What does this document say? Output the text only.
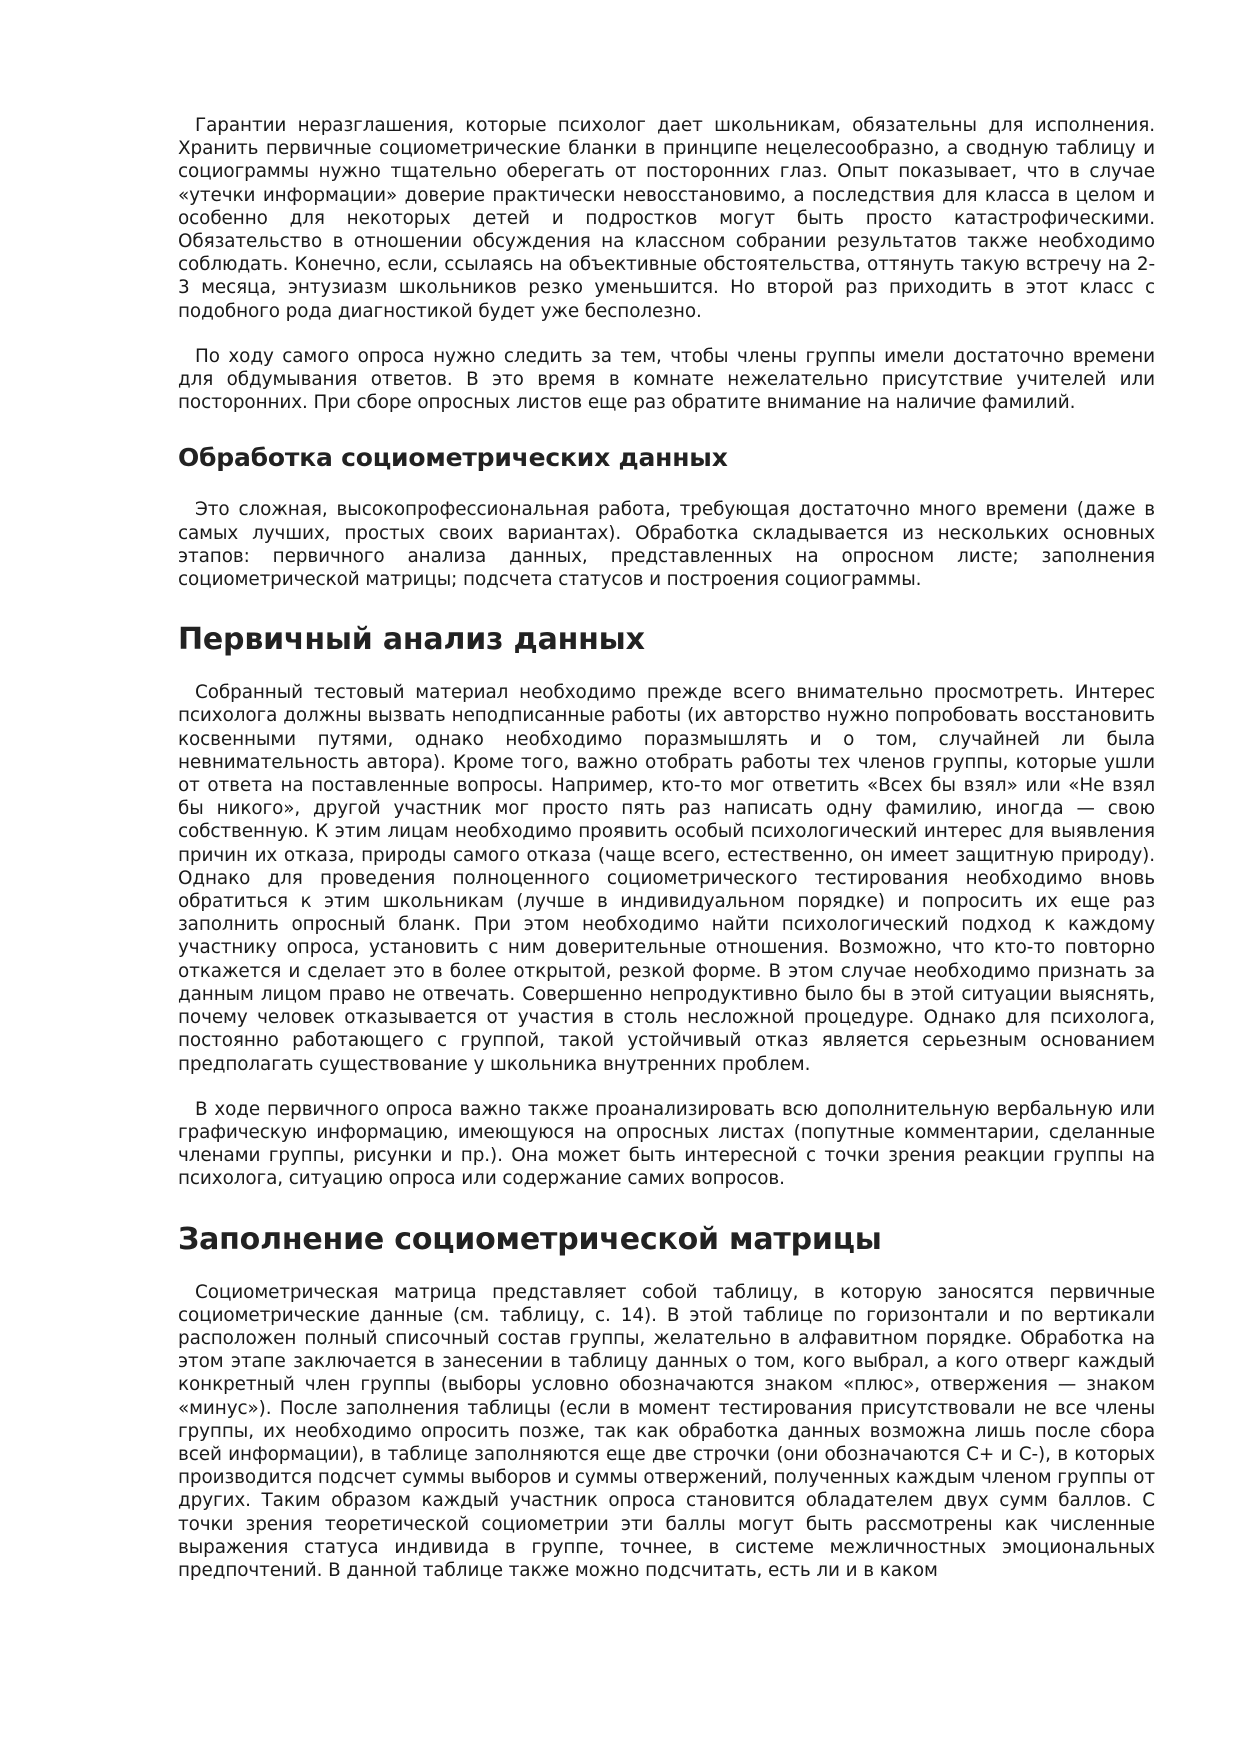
Гарантии неразглашения, которые психолог дает школьникам, обязательны для исполнения. Хранить первичные социометрические бланки в принципе нецелесообразно, а сводную таблицу и социограммы нужно тщательно оберегать от посторонних глаз. Опыт показывает, что в случае «утечки информации» доверие практически невосстановимо, а последствия для класса в целом и особенно для некоторых детей и подростков могут быть просто катастрофическими. Обязательство в отношении обсуждения на классном собрании результатов также необходимо соблюдать. Конечно, если, ссылаясь на объективные обстоятельства, оттянуть такую встречу на 2-3 месяца, энтузиазм школьников резко уменьшится. Но второй раз приходить в этот класс с подобного рода диагностикой будет уже бесполезно.

По ходу самого опроса нужно следить за тем, чтобы члены группы имели достаточно времени для обдумывания ответов. В это время в комнате нежелательно присутствие учителей или посторонних. При сборе опросных листов еще раз обратите внимание на наличие фамилий.

Обработка социометрических данных

Это сложная, высокопрофессиональная работа, требующая достаточно много времени (даже в самых лучших, простых своих вариантах). Обработка складывается из нескольких основных этапов: первичного анализа данных, представленных на опросном листе; заполнения социометрической матрицы; подсчета статусов и построения социограммы.

Первичный анализ данных

Собранный тестовый материал необходимо прежде всего внимательно просмотреть. Интерес психолога должны вызвать неподписанные работы (их авторство нужно попробовать восстановить косвенными путями, однако необходимо поразмышлять и о том, случайней ли была невнимательность автора). Кроме того, важно отобрать работы тех членов группы, которые ушли от ответа на поставленные вопросы. Например, кто-то мог ответить «Всех бы взял» или «Не взял бы никого», другой участник мог просто пять раз написать одну фамилию, иногда — свою собственную. К этим лицам необходимо проявить особый психологический интерес для выявления причин их отказа, природы самого отказа (чаще всего, естественно, он имеет защитную природу). Однако для проведения полноценного социометрического тестирования необходимо вновь обратиться к этим школьникам (лучше в индивидуальном порядке) и попросить их еще раз заполнить опросный бланк. При этом необходимо найти психологический подход к каждому участнику опроса, установить с ним доверительные отношения. Возможно, что кто-то повторно откажется и сделает это в более открытой, резкой форме. В этом случае необходимо признать за данным лицом право не отвечать. Совершенно непродуктивно было бы в этой ситуации выяснять, почему человек отказывается от участия в столь несложной процедуре. Однако для психолога, постоянно работающего с группой, такой устойчивый отказ является серьезным основанием предполагать существование у школьника внутренних проблем.

В ходе первичного опроса важно также проанализировать всю дополнительную вербальную или графическую информацию, имеющуюся на опросных листах (попутные комментарии, сделанные членами группы, рисунки и пр.). Она может быть интересной с точки зрения реакции группы на психолога, ситуацию опроса или содержание самих вопросов.

Заполнение социометрической матрицы

Социометрическая матрица представляет собой таблицу, в которую заносятся первичные социометрические данные (см. таблицу, с. 14). В этой таблице по горизонтали и по вертикали расположен полный списочный состав группы, желательно в алфавитном порядке. Обработка на этом этапе заключается в занесении в таблицу данных о том, кого выбрал, а кого отверг каждый конкретный член группы (выборы условно обозначаются знаком «плюс», отвержения — знаком «минус»). После заполнения таблицы (если в момент тестирования присутствовали не все члены группы, их необходимо опросить позже, так как обработка данных возможна лишь после сбора всей информации), в таблице заполняются еще две строчки (они обозначаются С+ и С-), в которых производится подсчет суммы выборов и суммы отвержений, полученных каждым членом группы от других. Таким образом каждый участник опроса становится обладателем двух сумм баллов. С точки зрения теоретической социометрии эти баллы могут быть рассмотрены как численные выражения статуса индивида в группе, точнее, в системе межличностных эмоциональных предпочтений. В данной таблице также можно подсчитать, есть ли и в каком
